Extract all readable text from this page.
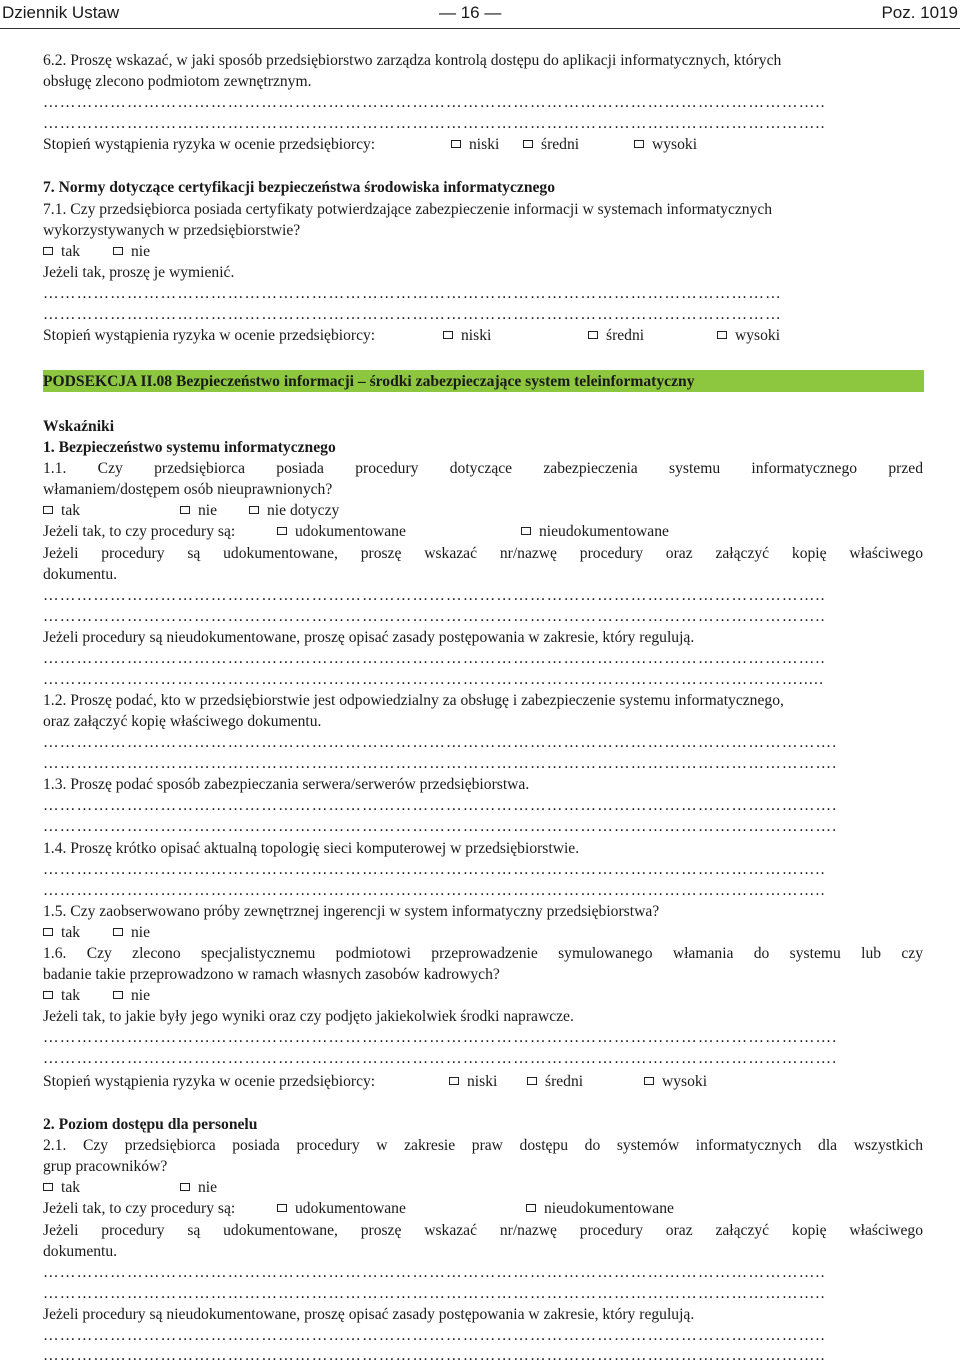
Dziennik Ustaw	— 16 —	Poz. 1019
6.2. Proszę wskazać, w jaki sposób przedsiębiorstwo zarządza kontrolą dostępu do aplikacji informatycznych, których
obsługę zlecono podmiotom zewnętrznym.
…………………………………………………………………………………………………………………………..
…………………………………………………………………………………………………………………………..
Stopień wystąpienia ryzyka w ocenie przedsiębiorcy:	niski	średni	wysoki
7. Normy dotyczące certyfikacji bezpieczeństwa środowiska informatycznego
7.1. Czy przedsiębiorca posiada certyfikaty potwierdzające zabezpieczenie informacji w systemach informatycznych
wykorzystywanych w przedsiębiorstwie?
tak	nie
Jeżeli tak, proszę je wymienić.
……………………………………………………………………………………………………………………
……………………………………………………………………………………………………………………
Stopień wystąpienia ryzyka w ocenie przedsiębiorcy:	niski	średni	wysoki
PODSEKCJA II.08 Bezpieczeństwo informacji – środki zabezpieczające system teleinformatyczny
Wskaźniki
1. Bezpieczeństwo systemu informatycznego
1.1. Czy przedsiębiorca posiada procedury dotyczące zabezpieczenia systemu informatycznego przed
włamaniem/dostępem osób nieuprawnionych?
tak	nie	nie dotyczy
Jeżeli tak, to czy procedury są:	udokumentowane	nieudokumentowane
Jeżeli procedury są udokumentowane, proszę wskazać nr/nazwę procedury oraz załączyć kopię właściwego
dokumentu.
…………………………………………………………………………………………………………………………..
…………………………………………………………………………………………………………………………..
Jeżeli procedury są nieudokumentowane, proszę opisać zasady postępowania w zakresie, który regulują.
…………………………………………………………………………………………………………………………..
……………………………………………………………………………………………………………………….....
1.2. Proszę podać, kto w przedsiębiorstwie jest odpowiedzialny za obsługę i zabezpieczenie systemu informatycznego,
oraz załączyć kopię właściwego dokumentu.
…………………………………………………………………………………………………………………………….
…………………………………………………………………………………………………………………………….
1.3. Proszę podać sposób zabezpieczania serwera/serwerów przedsiębiorstwa.
…………………………………………………………………………………………………………………………….
…………………………………………………………………………………………………………………………….
1.4. Proszę krótko opisać aktualną topologię sieci komputerowej w przedsiębiorstwie.
…………………………………………………………………………………………………………………………..
…………………………………………………………………………………………………………………………..
1.5. Czy zaobserwowano próby zewnętrznej ingerencji w system informatyczny przedsiębiorstwa?
tak	nie
1.6. Czy zlecono specjalistycznemu podmiotowi przeprowadzenie symulowanego włamania do systemu lub czy
badanie takie przeprowadzono w ramach własnych zasobów kadrowych?
tak	nie
Jeżeli tak, to jakie były jego wyniki oraz czy podjęto jakiekolwiek środki naprawcze.
…………………………………………………………………………………………………………………………….
…………………………………………………………………………………………………………………………….
Stopień wystąpienia ryzyka w ocenie przedsiębiorcy:	niski	średni	wysoki
2. Poziom dostępu dla personelu
2.1. Czy przedsiębiorca posiada procedury w zakresie praw dostępu do systemów informatycznych dla wszystkich
grup pracowników?
tak	nie
Jeżeli tak, to czy procedury są:	udokumentowane	nieudokumentowane
Jeżeli procedury są udokumentowane, proszę wskazać nr/nazwę procedury oraz załączyć kopię właściwego
dokumentu.
…………………………………………………………………………………………………………………………..
…………………………………………………………………………………………………………………………..
Jeżeli procedury są nieudokumentowane, proszę opisać zasady postępowania w zakresie, który regulują.
…………………………………………………………………………………………………………………………..
…………………………………………………………………………………………………………………………..
